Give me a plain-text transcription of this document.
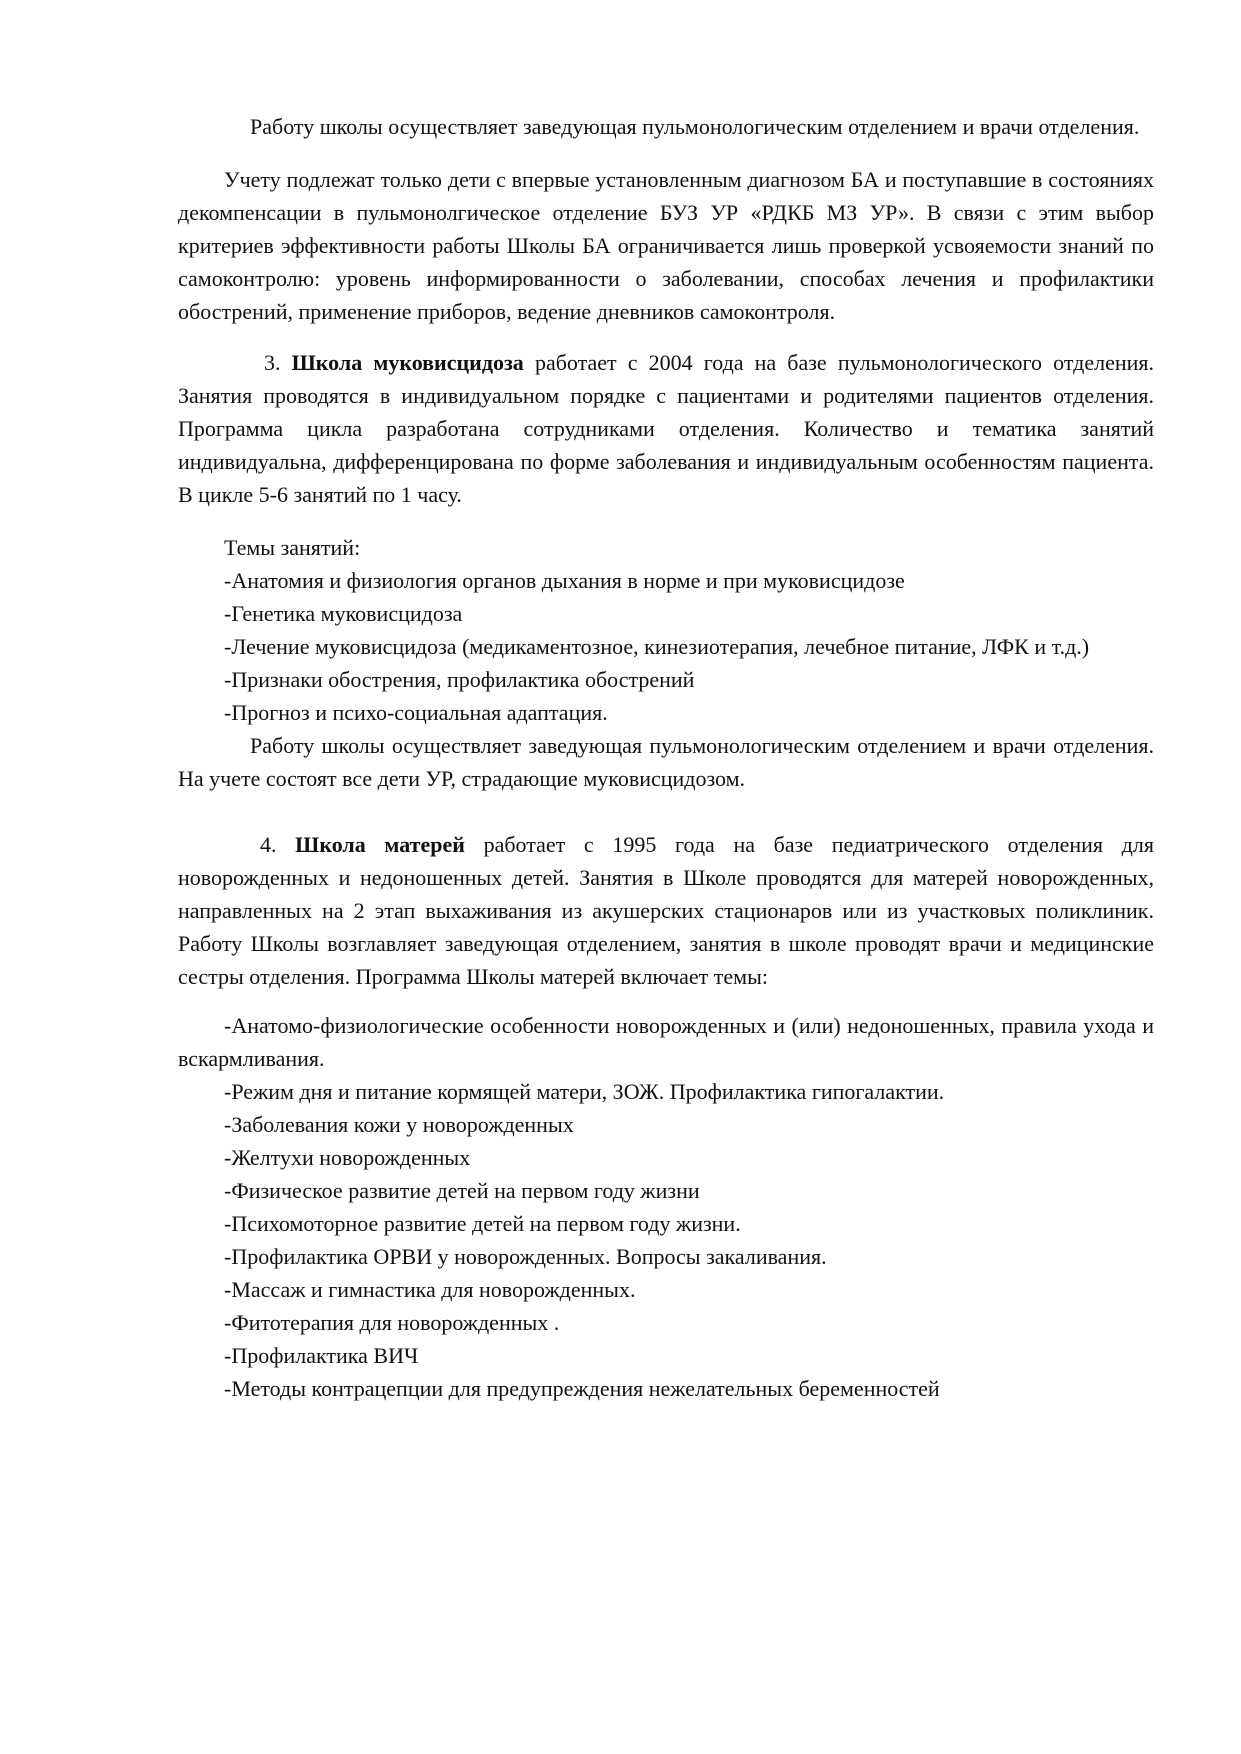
Работу школы осуществляет заведующая пульмонологическим отделением и врачи отделения.

Учету подлежат только дети с впервые установленным диагнозом БА и поступавшие в состояниях декомпенсации в пульмонолгическое отделение БУЗ УР «РДКБ МЗ УР». В связи с этим выбор критериев эффективности работы Школы БА ограничивается лишь проверкой усвояемости знаний по самоконтролю: уровень информированности о заболевании, способах лечения и профилактики обострений, применение приборов, ведение дневников самоконтроля.

3. Школа муковисцидоза работает с 2004 года на базе пульмонологического отделения. Занятия проводятся в индивидуальном порядке с пациентами и родителями пациентов отделения. Программа цикла разработана сотрудниками отделения. Количество и тематика занятий индивидуальна, дифференцирована по форме заболевания и индивидуальным особенностям пациента. В цикле 5-6 занятий по 1 часу.

Темы занятий:

-Анатомия и физиология органов дыхания в норме и при муковисцидозе

-Генетика муковисцидоза

-Лечение муковисцидоза (медикаментозное, кинезиотерапия, лечебное питание, ЛФК и т.д.)

-Признаки обострения, профилактика обострений

-Прогноз и психо-социальная адаптация.

Работу школы осуществляет заведующая пульмонологическим отделением и врачи отделения. На учете состоят все дети УР, страдающие муковисцидозом.

4. Школа матерей работает с 1995 года на базе педиатрического отделения для новорожденных и недоношенных детей. Занятия в Школе проводятся для матерей новорожденных, направленных на 2 этап выхаживания из акушерских стационаров или из участковых поликлиник. Работу Школы возглавляет заведующая отделением, занятия в школе проводят врачи и медицинские сестры отделения. Программа Школы матерей включает темы:

-Анатомо-физиологические особенности новорожденных и (или) недоношенных, правила ухода и вскармливания.

-Режим дня и питание кормящей матери, ЗОЖ. Профилактика гипогалактии.

-Заболевания кожи у новорожденных

-Желтухи новорожденных

-Физическое развитие детей на первом году жизни

-Психомоторное развитие детей на первом году жизни.

-Профилактика ОРВИ у новорожденных. Вопросы закаливания.

-Массаж и гимнастика для новорожденных.

-Фитотерапия для новорожденных .

-Профилактика ВИЧ

-Методы контрацепции для предупреждения нежелательных беременностей
